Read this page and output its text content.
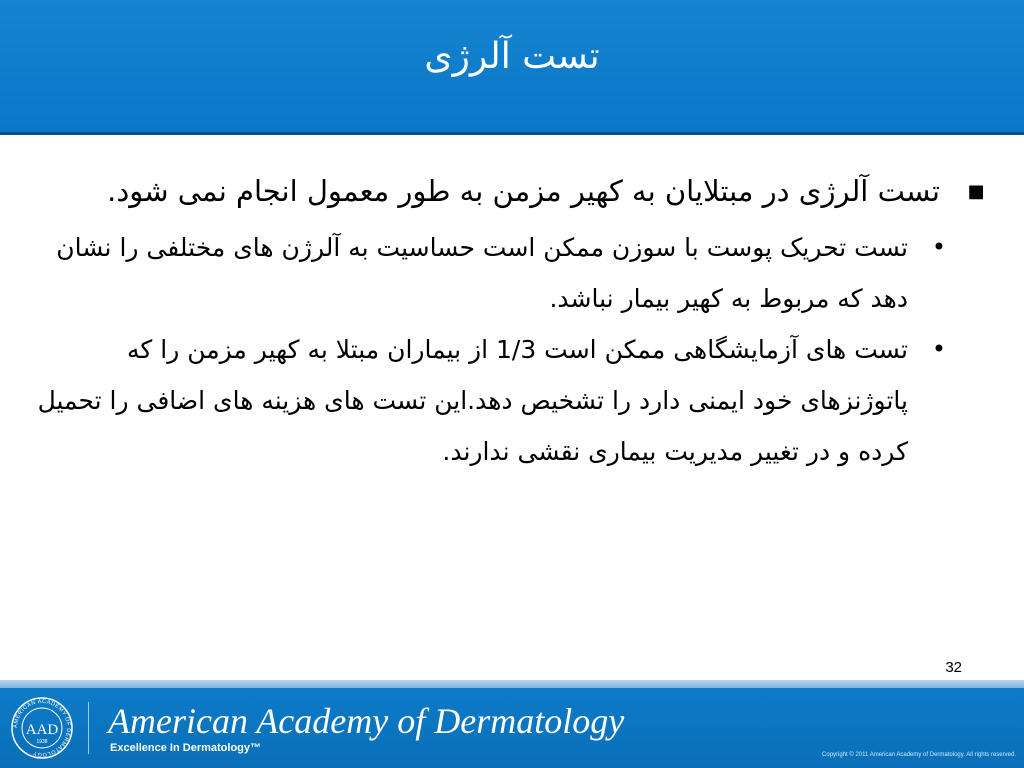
تست آلرژی
■
تست آلرژی در مبتلایان به کهیر مزمن به طور معمول انجام نمی شود.
•
تست تحریک پوست با سوزن ممکن است حساسیت به آلرژن های مختلفی را نشان دهد که مربوط به کهیر بیمار نباشد.
•
تست های آزمایشگاهی ممکن است 1/3 از بیماران مبتلا به کهیر مزمن را که پاتوژنزهای خود ایمنی دارد را تشخیص دهد.این تست های هزینه های اضافی را تحمیل کرده و در تغییر مدیریت بیماری نقشی ندارند.
32
AMERICAN ACADEMY OF DERMATOLOGY
AAD
1938
American Academy of Dermatology
Excellence In Dermatology™
Copyright © 2011 American Academy of Dermatology. All rights reserved.
